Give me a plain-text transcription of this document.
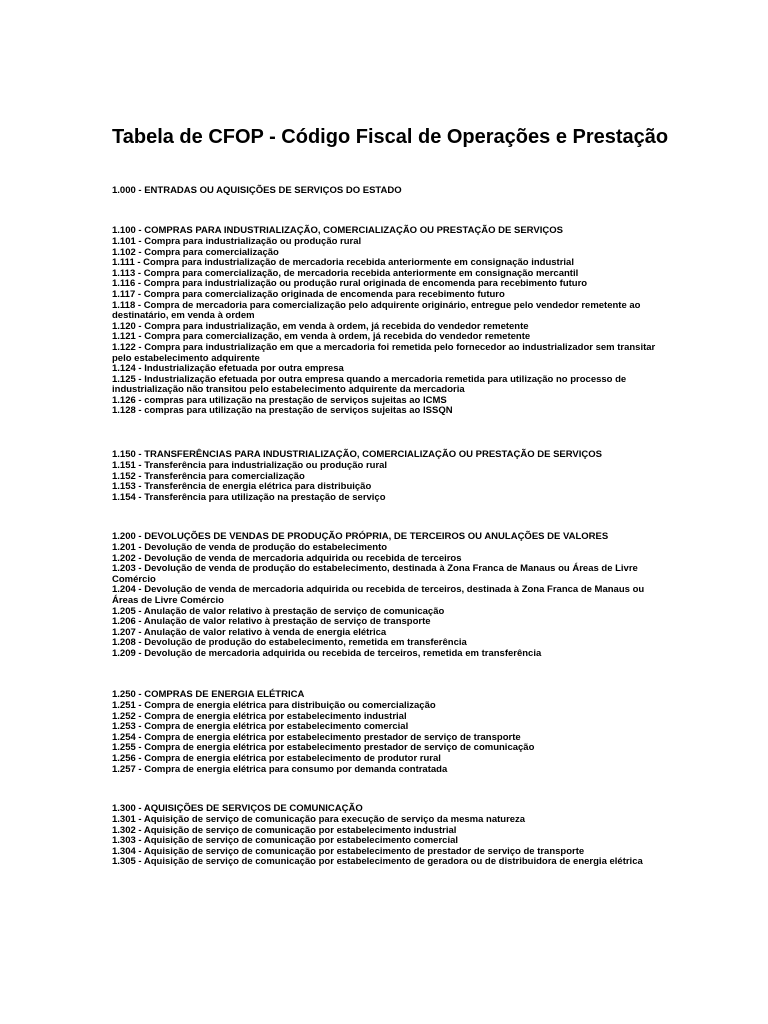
Tabela de CFOP - Código Fiscal de Operações e Prestação
1.000 - ENTRADAS OU AQUISIÇÕES DE SERVIÇOS DO ESTADO
1.100 - COMPRAS PARA INDUSTRIALIZAÇÃO, COMERCIALIZAÇÃO OU PRESTAÇÃO DE SERVIÇOS
1.101 - Compra para industrialização ou produção rural
1.102 - Compra para comercialização
1.111 - Compra para industrialização de mercadoria recebida anteriormente em consignação industrial
1.113 - Compra para comercialização, de mercadoria recebida anteriormente em consignação mercantil
1.116 - Compra para industrialização ou produção rural originada de encomenda para recebimento futuro
1.117 - Compra para comercialização originada de encomenda para recebimento futuro
1.118 - Compra de mercadoria para comercialização pelo adquirente originário, entregue pelo vendedor remetente ao destinatário, em venda à ordem
1.120 - Compra para industrialização, em venda à ordem, já recebida do vendedor remetente
1.121 - Compra para comercialização, em venda à ordem, já recebida do vendedor remetente
1.122 - Compra para industrialização em que a mercadoria foi remetida pelo fornecedor ao industrializador sem transitar pelo estabelecimento adquirente
1.124 - Industrialização efetuada por outra empresa
1.125 - Industrialização efetuada por outra empresa quando a mercadoria remetida para utilização no processo de industrialização não transitou pelo estabelecimento adquirente da mercadoria
1.126 - compras para utilização na prestação de serviços sujeitas ao ICMS
1.128 - compras para utilização na prestação de serviços sujeitas ao ISSQN
1.150 - TRANSFERÊNCIAS PARA INDUSTRIALIZAÇÃO, COMERCIALIZAÇÃO OU PRESTAÇÃO DE SERVIÇOS
1.151 - Transferência para industrialização ou produção rural
1.152 - Transferência para comercialização
1.153 - Transferência de energia elétrica para distribuição
1.154 - Transferência para utilização na prestação de serviço
1.200 - DEVOLUÇÕES DE VENDAS DE PRODUÇÃO PRÓPRIA, DE TERCEIROS OU ANULAÇÕES DE VALORES
1.201 - Devolução de venda de produção do estabelecimento
1.202 - Devolução de venda de mercadoria adquirida ou recebida de terceiros
1.203 - Devolução de venda de produção do estabelecimento, destinada à Zona Franca de Manaus ou Áreas de Livre Comércio
1.204 - Devolução de venda de mercadoria adquirida ou recebida de terceiros, destinada à Zona Franca de Manaus ou Áreas de Livre Comércio
1.205 - Anulação de valor relativo à prestação de serviço de comunicação
1.206 - Anulação de valor relativo à prestação de serviço de transporte
1.207 - Anulação de valor relativo à venda de energia elétrica
1.208 - Devolução de produção do estabelecimento, remetida em transferência
1.209 - Devolução de mercadoria adquirida ou recebida de terceiros, remetida em transferência
1.250 - COMPRAS DE ENERGIA ELÉTRICA
1.251 - Compra de energia elétrica para distribuição ou comercialização
1.252 - Compra de energia elétrica por estabelecimento industrial
1.253 - Compra de energia elétrica por estabelecimento comercial
1.254 - Compra de energia elétrica por estabelecimento prestador de serviço de transporte
1.255 - Compra de energia elétrica por estabelecimento prestador de serviço de comunicação
1.256 - Compra de energia elétrica por estabelecimento de produtor rural
1.257 - Compra de energia elétrica para consumo por demanda contratada
1.300 - AQUISIÇÕES DE SERVIÇOS DE COMUNICAÇÃO
1.301 - Aquisição de serviço de comunicação para execução de serviço da mesma natureza
1.302 - Aquisição de serviço de comunicação por estabelecimento industrial
1.303 - Aquisição de serviço de comunicação por estabelecimento comercial
1.304 - Aquisição de serviço de comunicação por estabelecimento de prestador de serviço de transporte
1.305 - Aquisição de serviço de comunicação por estabelecimento de geradora ou de distribuidora de energia elétrica
